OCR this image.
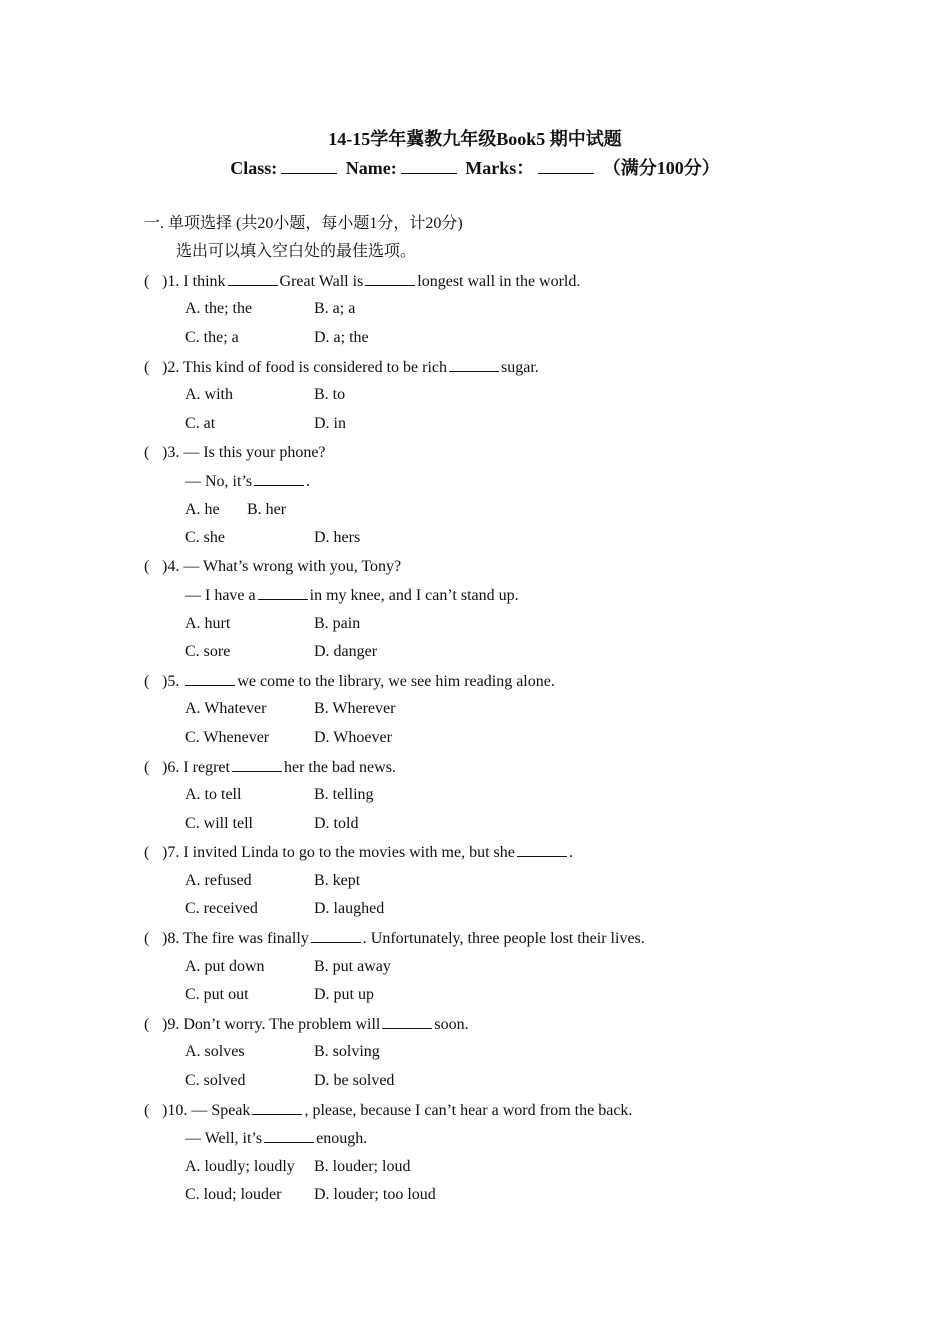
14-15学年冀教九年级Book5 期中试题
Class:	Name:	Marks：	（满分100分）
一. 单项选择 (共20小题，每小题1分，计20分)
选出可以填入空白处的最佳选项。
( )1. I think	Great Wall is	longest wall in the world.
A. the; the	B. a; a
C. the; a	D. a; the
( )2. This kind of food is considered to be rich	sugar.
A. with	B. to
C. at	D. in
( )3. — Is this your phone?
— No, it’s	.
A. he B. her
C. she	D. hers
( )4. — What’s wrong with you, Tony?
— I have a	in my knee, and I can’t stand up.
A. hurt	B. pain
C. sore	D. danger
( )5.	we come to the library, we see him reading alone.
A. Whatever	B. Wherever
C. Whenever	D. Whoever
( )6. I regret	her the bad news.
A. to tell	B. telling
C. will tell	D. told
( )7. I invited Linda to go to the movies with me, but she	.
A. refused	B. kept
C. received	D. laughed
( )8. The fire was finally	. Unfortunately, three people lost their lives.
A. put down	B. put away
C. put out	D. put up
( )9. Don’t worry. The problem will	soon.
A. solves	B. solving
C. solved	D. be solved
( )10. — Speak	, please, because I can’t hear a word from the back.
— Well, it’s	enough.
A. loudly; loudly B. louder; loud
C. loud; louder D. louder; too loud
